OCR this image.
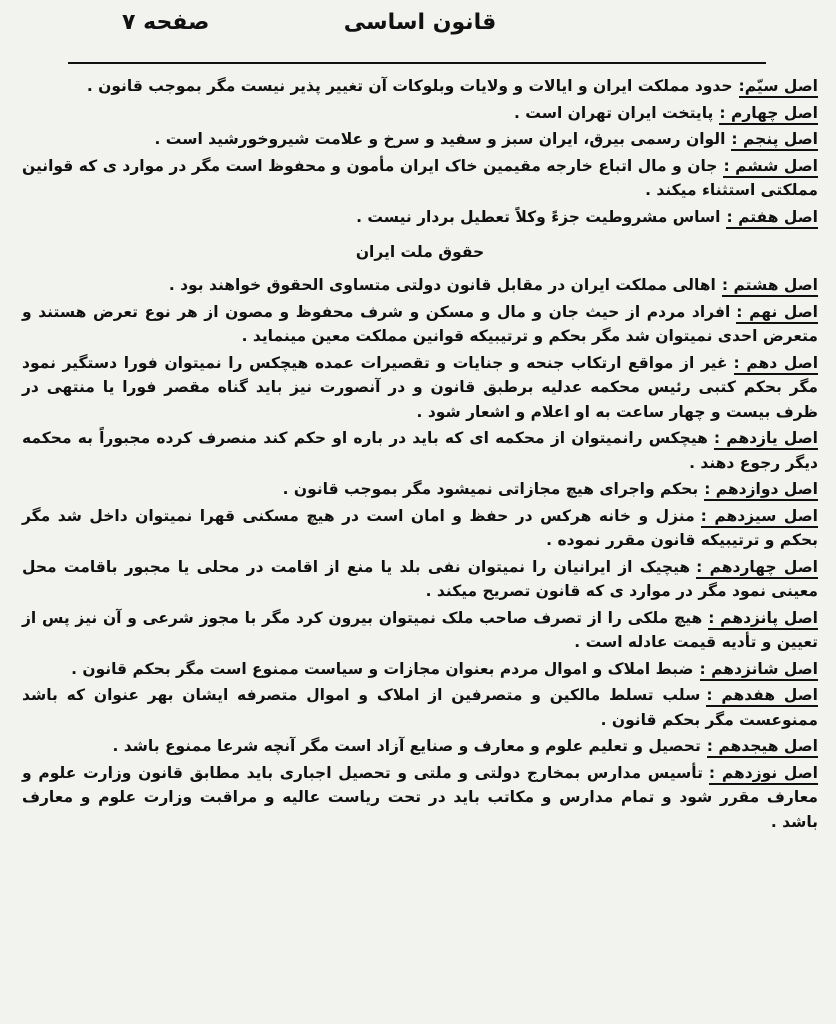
قانون اساسی
صفحه ۷

اصل سیّم:حدود مملکت ایران و ایالات و ولایات وبلوکات آن تغییر پذیر نیست مگر بموجب قانون .

اصل چهارم :پایتخت ایران تهران است .

اصل پنجم :الوان رسمی بیرق، ایران سبز و سفید و سرخ و علامت شیروخورشید است .

اصل ششم :جان و مال اتباع خارجه مقیمین خاک ایران مأمون و محفوظ است مگر در موارد ی که قوانین مملکتی استثناء میکند .

اصل هفتم :اساس مشروطیت جزءً وکلاً تعطیل بردار نیست .

حقوق ملت ایران

اصل هشتم :اهالی مملکت ایران در مقابل قانون دولتی متساوی الحقوق خواهند بود .

اصل نهم :افراد مردم از حیث جان و مال و مسکن و شرف محفوظ و مصون از هر نوع تعرض هستند و متعرض احدی نمیتوان شد مگر بحکم و ترتیبیکه قوانین مملکت معین مینماید .

اصل دهم :غیر از مواقع ارتکاب جنحه و جنایات و تقصیرات عمده هیچکس را نمیتوان فورا دستگیر نمود مگر بحکم کتبی رئیس محکمه عدلیه برطبق قانون و در آنصورت نیز باید گناه مقصر فورا یا منتهی در ظرف بیست و چهار ساعت به او اعلام و اشعار شود .

اصل یازدهم :هیچکس رانمیتوان از محکمه ای که باید در باره او حکم کند منصرف کرده مجبوراً به محکمه دیگر رجوع دهند .

اصل دوازدهم :بحکم واجرای هیچ مجازاتی نمیشود مگر بموجب قانون .

اصل سیزدهم :منزل و خانه هرکس در حفظ و امان است در هیچ مسکنی قهرا نمیتوان داخل شد مگر بحکم و ترتیبیکه قانون مقرر نموده .

اصل چهاردهم :هیچیک از ایرانیان را نمیتوان نفی بلد یا منع از اقامت در محلی یا مجبور باقامت محل معینی نمود مگر در موارد ی که قانون تصریح میکند .

اصل پانزدهم :هیچ ملکی را از تصرف صاحب ملک نمیتوان بیرون کرد مگر با مجوز شرعی و آن نیز پس از تعیین و تأدیه قیمت عادله است .

اصل شانزدهم :ضبط املاک و اموال مردم بعنوان مجازات و سیاست ممنوع است مگر بحکم قانون .

اصل هفدهم :سلب تسلط مالکین و متصرفین از املاک و اموال متصرفه ایشان بهر عنوان که باشد ممنوعست مگر بحکم قانون .

اصل هیجدهم :تحصیل و تعلیم علوم و معارف و صنایع آزاد است مگر آنچه شرعا ممنوع باشد .

اصل نوزدهم :تأسیس مدارس بمخارج دولتی و ملتی و تحصیل اجباری باید مطابق قانون وزارت علوم و معارف مقرر شود و تمام مدارس و مکاتب باید در تحت ریاست عالیه و مراقبت وزارت علوم و معارف باشد .
